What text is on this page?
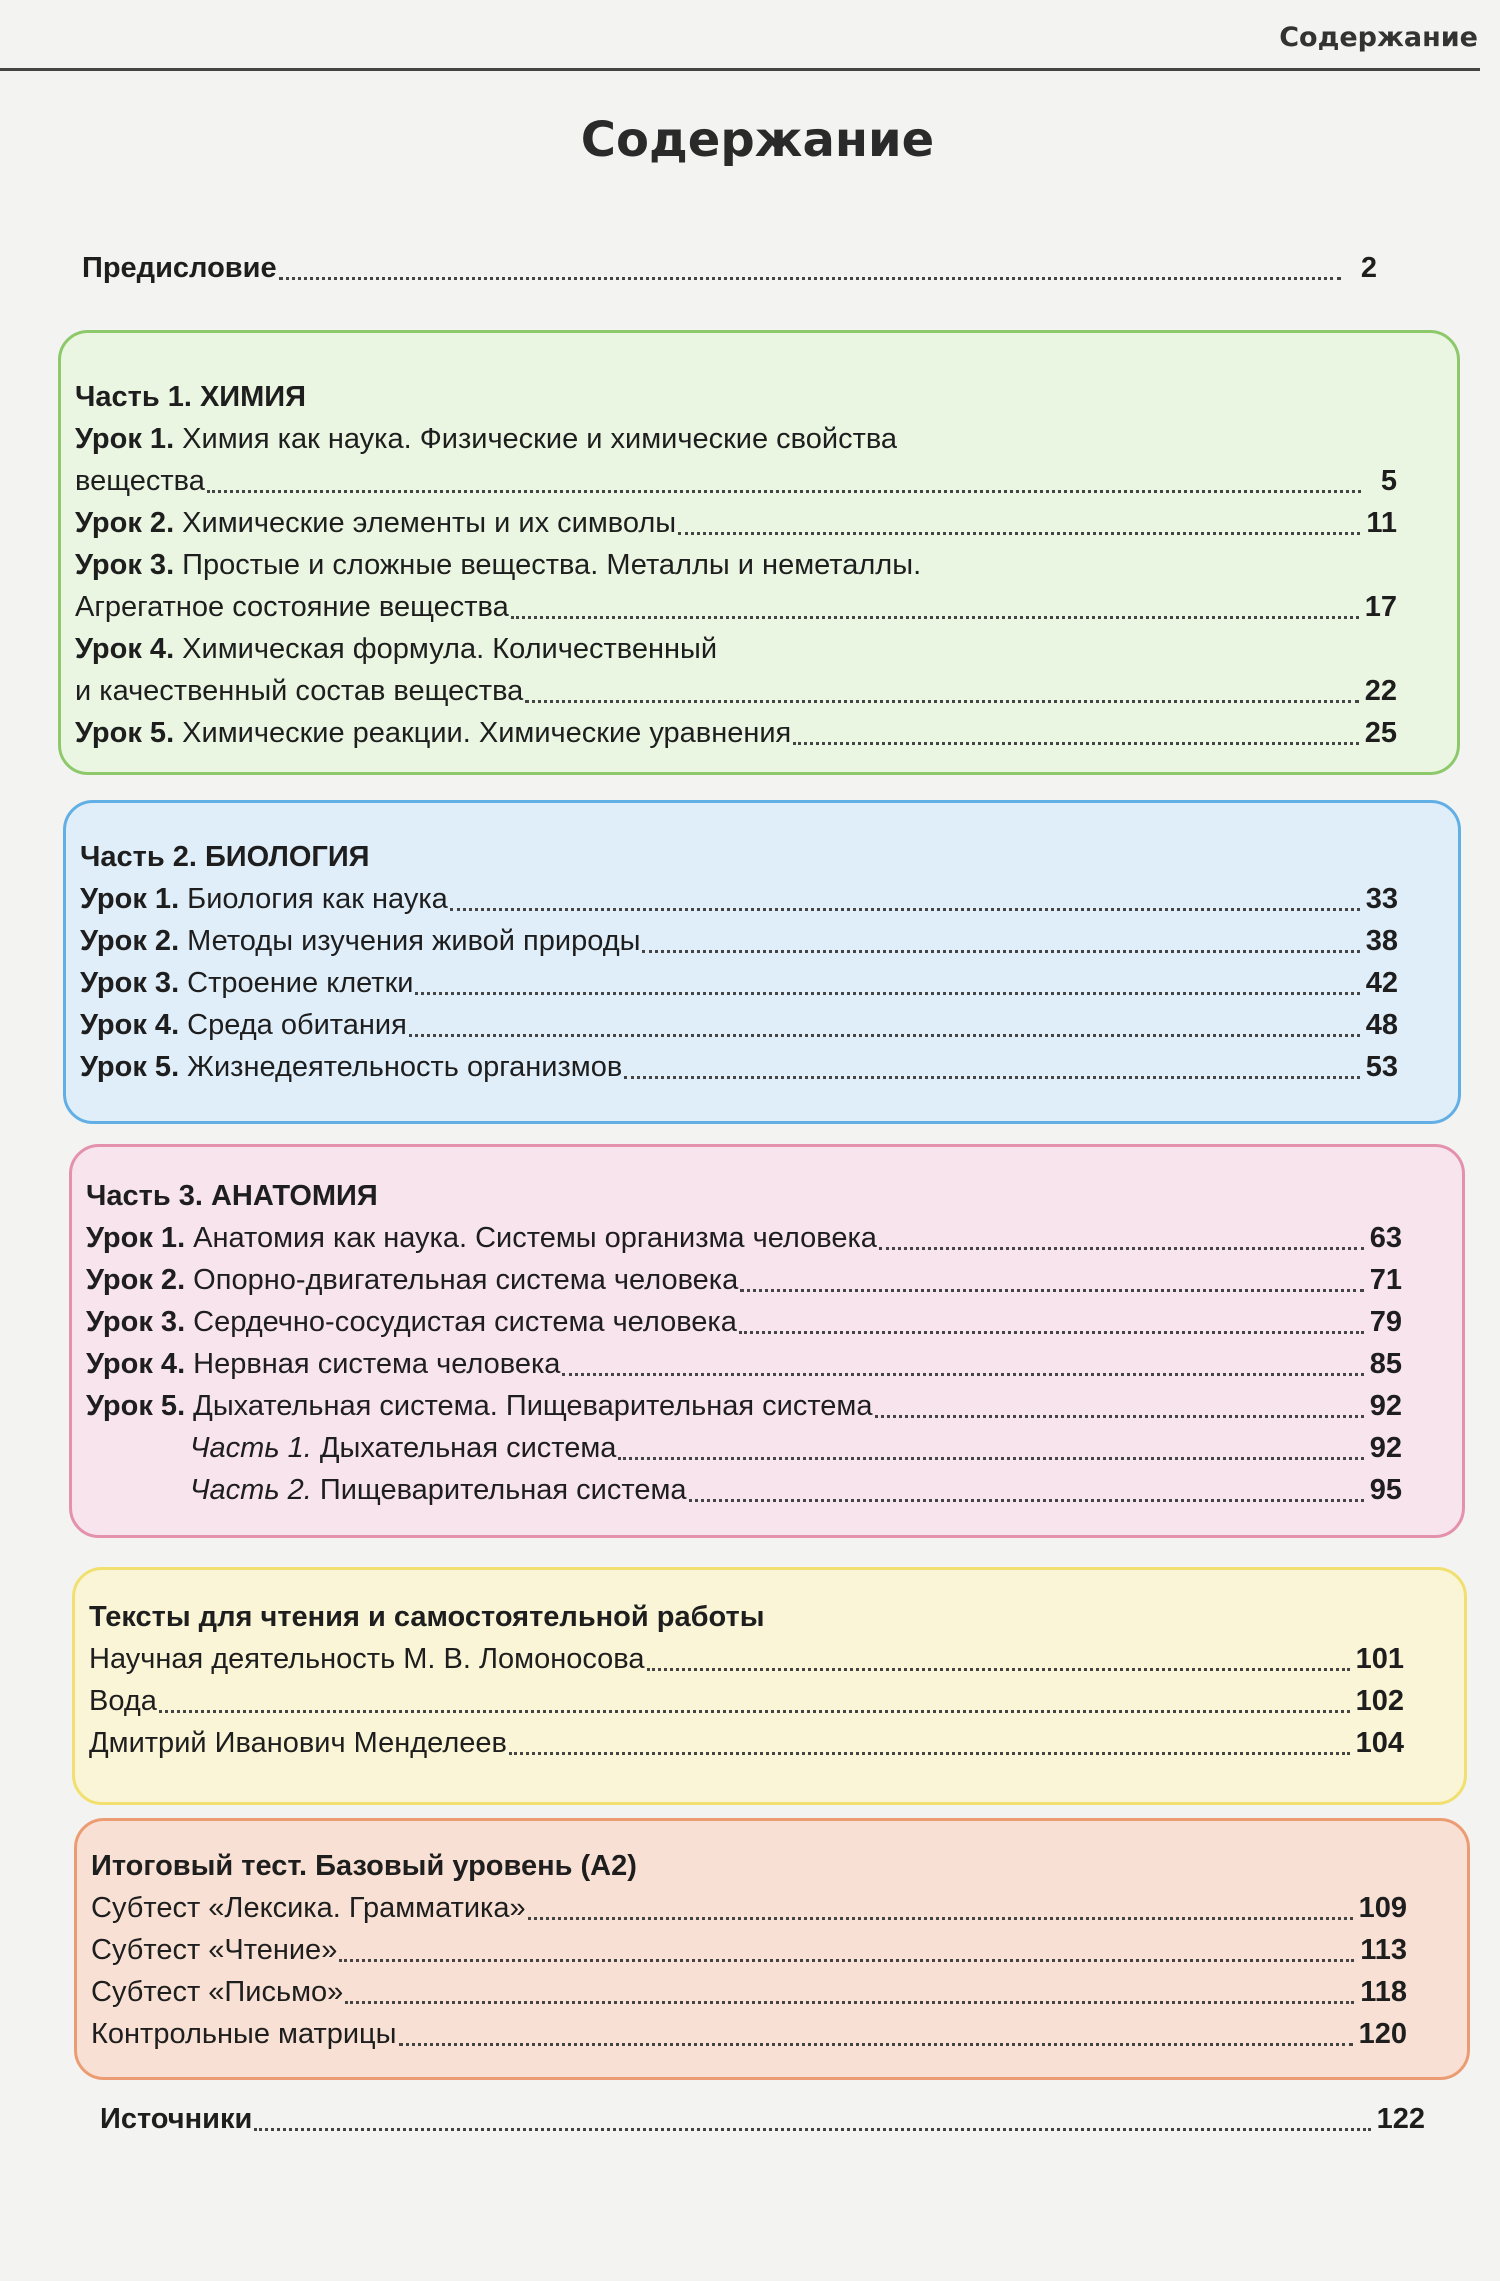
Содержание
Содержание
Предисловие	2
Часть 1. ХИМИЯ
Урок 1. Химия как наука. Физические и химические свойства
вещества	5
Урок 2. Химические элементы и их символы	11
Урок 3. Простые и сложные вещества. Металлы и неметаллы.
Агрегатное состояние вещества	17
Урок 4. Химическая формула. Количественный
и качественный состав вещества	22
Урок 5. Химические реакции. Химические уравнения	25
Часть 2. БИОЛОГИЯ
Урок 1. Биология как наука	33
Урок 2. Методы изучения живой природы	38
Урок 3. Строение клетки	42
Урок 4. Среда обитания	48
Урок 5. Жизнедеятельность организмов	53
Часть 3. АНАТОМИЯ
Урок 1. Анатомия как наука. Системы организма человека	63
Урок 2. Опорно-двигательная система человека	71
Урок 3. Сердечно-сосудистая система человека	79
Урок 4. Нервная система человека	85
Урок 5. Дыхательная система. Пищеварительная система	92
Часть 1. Дыхательная система	92
Часть 2. Пищеварительная система	95
Тексты для чтения и самостоятельной работы
Научная деятельность М. В. Ломоносова	101
Вода	102
Дмитрий Иванович Менделеев	104
Итоговый тест. Базовый уровень (А2)
Субтест «Лексика. Грамматика»	109
Субтест «Чтение»	113
Субтест «Письмо»	118
Контрольные матрицы	120
Источники	122
